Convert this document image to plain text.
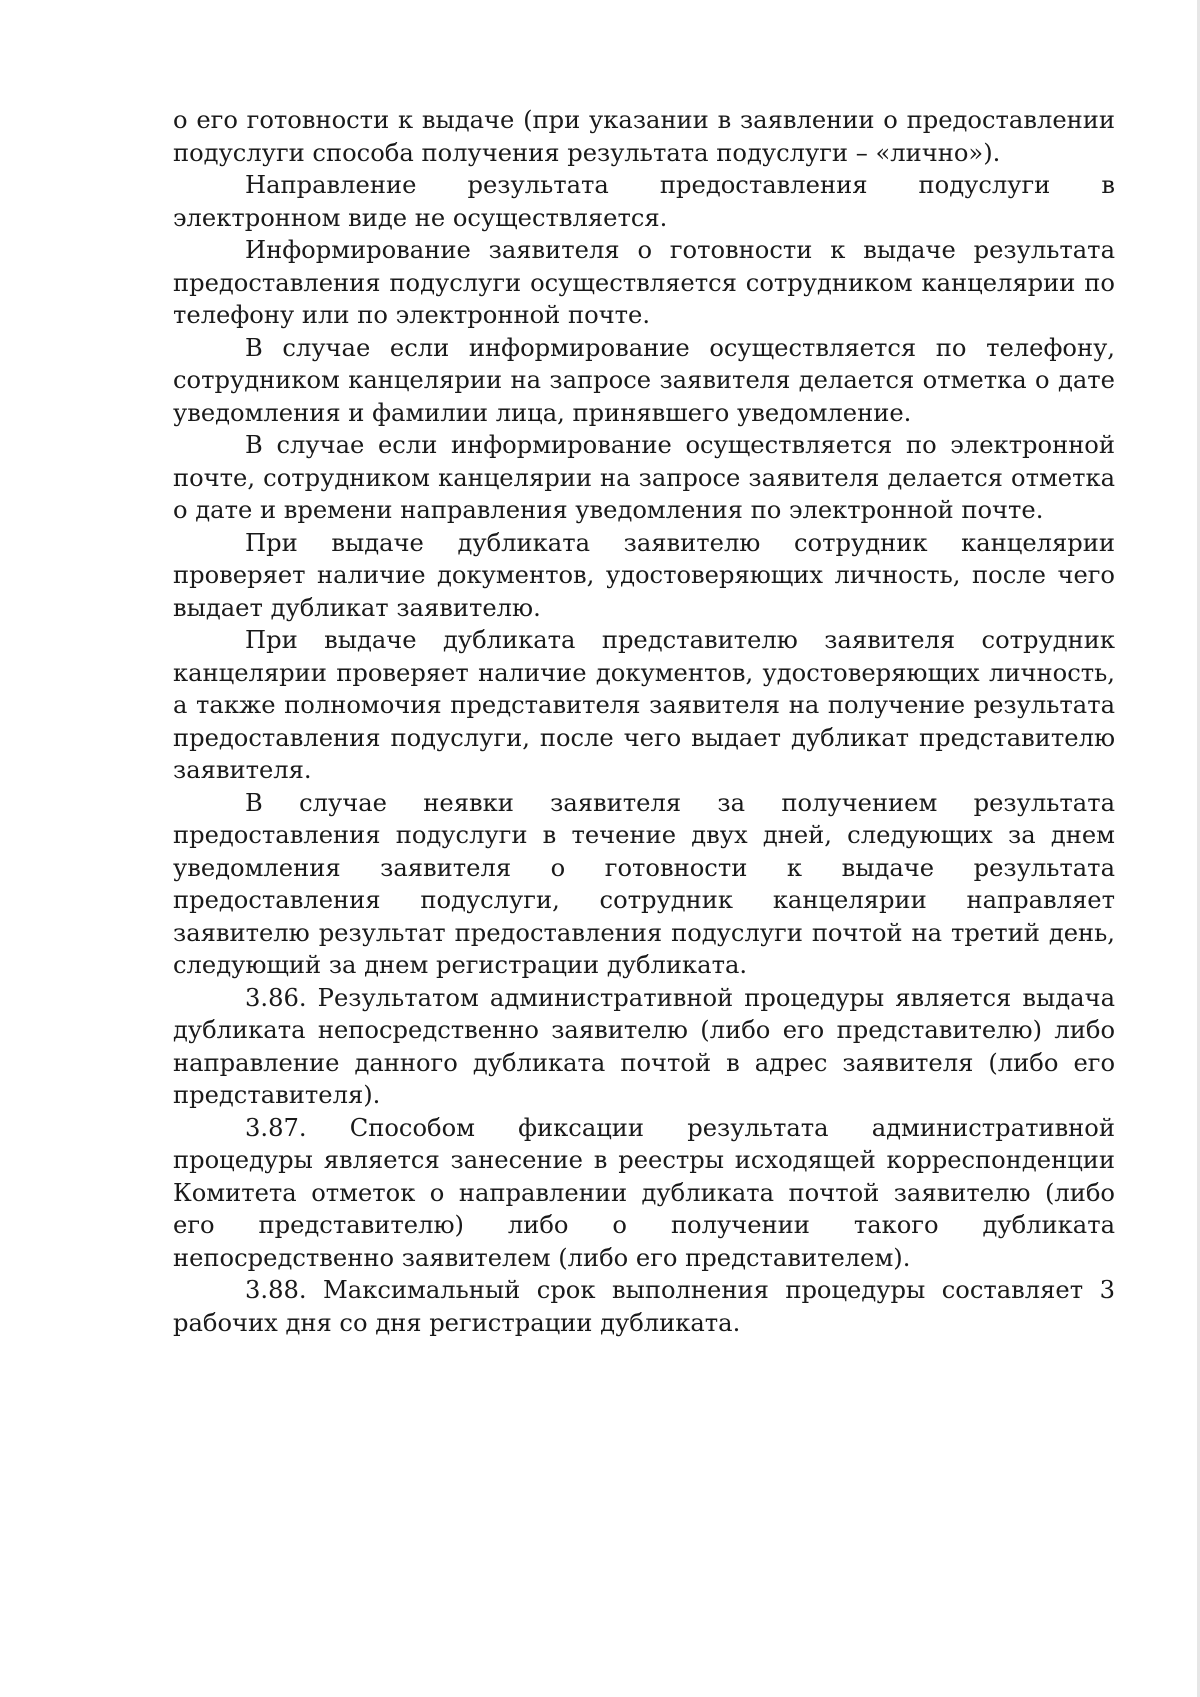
о его готовности к выдаче (при указании в заявлении о предоставлении подуслуги способа получения результата подуслуги – «лично»).

Направление результата предоставления подуслуги в электронном виде не осуществляется.

Информирование заявителя о готовности к выдаче результата предоставления подуслуги осуществляется сотрудником канцелярии по телефону или по электронной почте.

В случае если информирование осуществляется по телефону, сотрудником канцелярии на запросе заявителя делается отметка о дате уведомления и фамилии лица, принявшего уведомление.

В случае если информирование осуществляется по электронной почте, сотрудником канцелярии на запросе заявителя делается отметка о дате и времени направления уведомления по электронной почте.

При выдаче дубликата заявителю сотрудник канцелярии проверяет наличие документов, удостоверяющих личность, после чего выдает дубликат заявителю.

При выдаче дубликата представителю заявителя сотрудник канцелярии проверяет наличие документов, удостоверяющих личность, а также полномочия представителя заявителя на получение результата предоставления подуслуги, после чего выдает дубликат представителю заявителя.

В случае неявки заявителя за получением результата предоставления подуслуги в течение двух дней, следующих за днем уведомления заявителя о готовности к выдаче результата предоставления подуслуги, сотрудник канцелярии направляет заявителю результат предоставления подуслуги почтой на третий день, следующий за днем регистрации дубликата.

3.86. Результатом административной процедуры является выдача дубликата непосредственно заявителю (либо его представителю) либо направление данного дубликата почтой в адрес заявителя (либо его представителя).

3.87. Способом фиксации результата административной процедуры является занесение в реестры исходящей корреспонденции Комитета отметок о направлении дубликата почтой заявителю (либо его представителю) либо о получении такого дубликата непосредственно заявителем (либо его представителем).

3.88. Максимальный срок выполнения процедуры составляет 3 рабочих дня со дня регистрации дубликата.
